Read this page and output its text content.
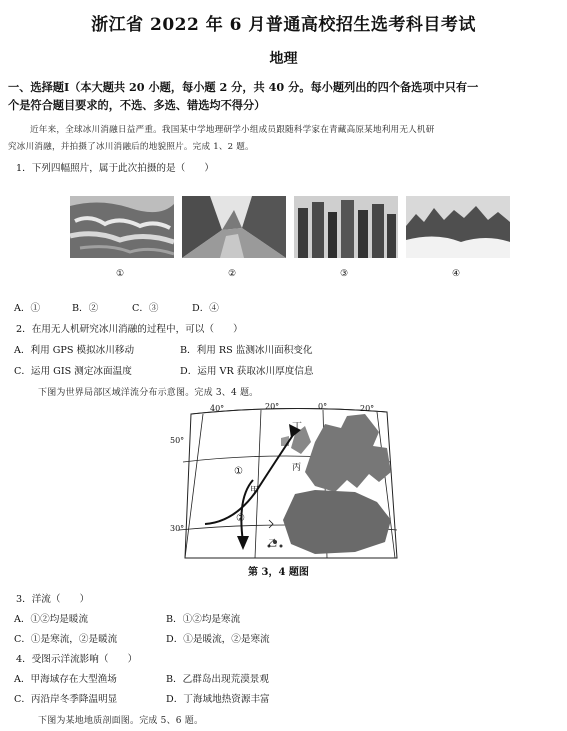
浙江省 2022 年 6 月普通高校招生选考科目考试
地理
一、选择题Ⅰ（本大题共 20 小题，每小题 2 分，共 40 分。每小题列出的四个备选项中只有一
个是符合题目要求的，不选、多选、错选均不得分）
近年来，全球冰川消融日益严重。我国某中学地理研学小组成员跟随科学家在青藏高原某地利用无人机研
究冰川消融，并拍摄了冰川消融后的地貌照片。完成 1、2 题。
1．下列四幅照片，属于此次拍摄的是（　　）
①	②	③	④
A．①	B．②	C．③	D．④
2．在用无人机研究冰川消融的过程中，可以（　　）
A．利用 GPS 模拟冰川移动	B．利用 RS 监测冰川面积变化
C．运用 GIS 测定冰面温度	D．运用 VR 获取冰川厚度信息
下图为世界局部区域洋流分布示意图。完成 3、4 题。
40°	20°	0°	20°
50°
30°
丁
丙
甲
乙
①
②
第 3，4 题图
3．洋流（　　）
A．①②均是暖流	B．①②均是寒流
C．①是寒流，②是暖流	D．①是暖流，②是寒流
4．受图示洋流影响（　　）
A．甲海域存在大型渔场	B．乙群岛出现荒漠景观
C．丙沿岸冬季降温明显	D．丁海域地热资源丰富
下图为某地地质剖面图。完成 5、6 题。
